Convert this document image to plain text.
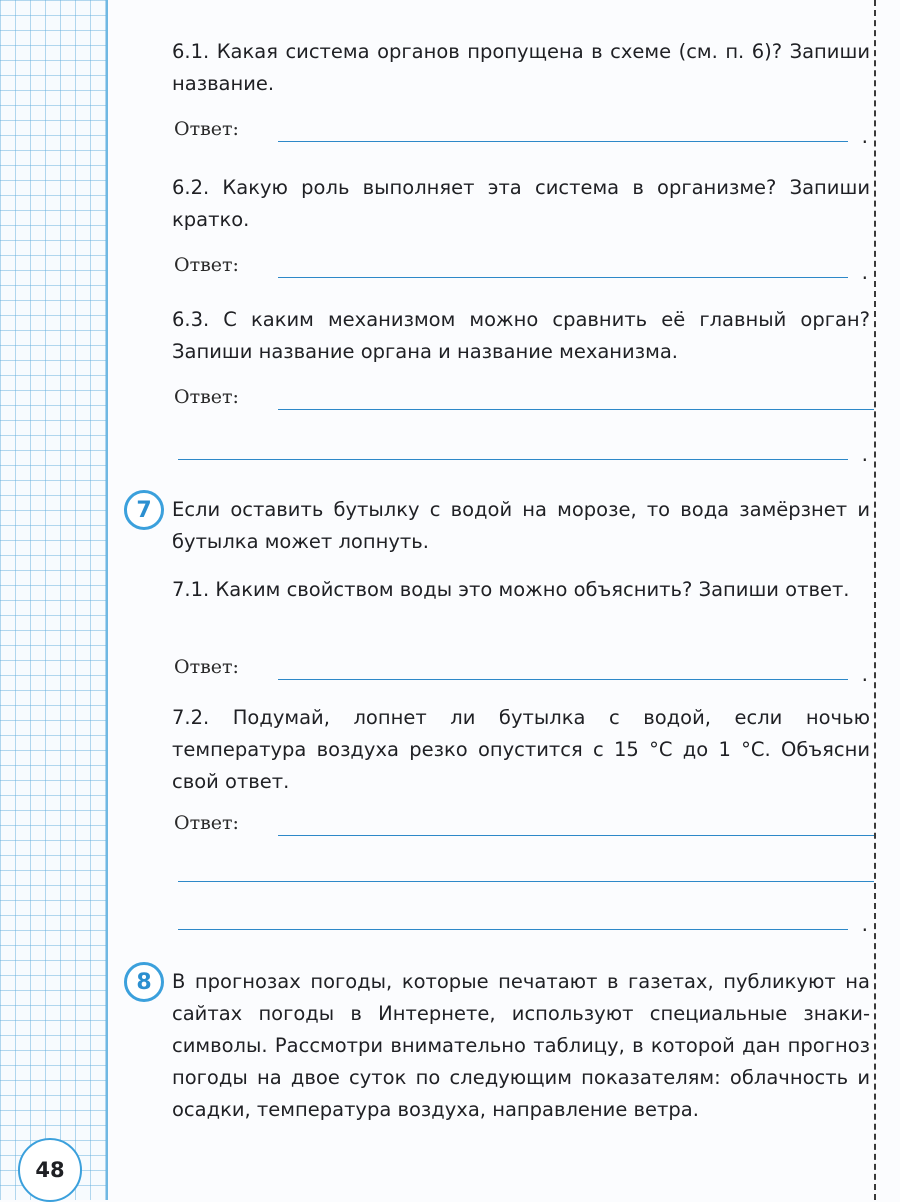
6.1. Какая система органов пропущена в схеме (см. п. 6)? Запиши название.

Ответ:	.

6.2. Какую роль выполняет эта система в организме? Запиши кратко.

Ответ:	.

6.3. С каким механизмом можно сравнить её главный орган? Запиши название органа и название механизма.

Ответ:
.
7	Если оставить бутылку с водой на морозе, то вода замёрзнет и бутылка может лопнуть.

7.1. Каким свойством воды это можно объяснить? Запиши ответ.

Ответ:	.

7.2. Подумай, лопнет ли бутылка с водой, если ночью температура воздуха резко опустится с 15 °С до 1 °С. Объясни свой ответ.

Ответ:
.
8	В прогнозах погоды, которые печатают в газетах, публикуют на сайтах погоды в Интернете, используют специальные знаки-символы. Рассмотри внимательно таблицу, в которой дан прогноз погоды на двое суток по следующим показателям: облачность и осадки, температура воздуха, направление ветра.

48
